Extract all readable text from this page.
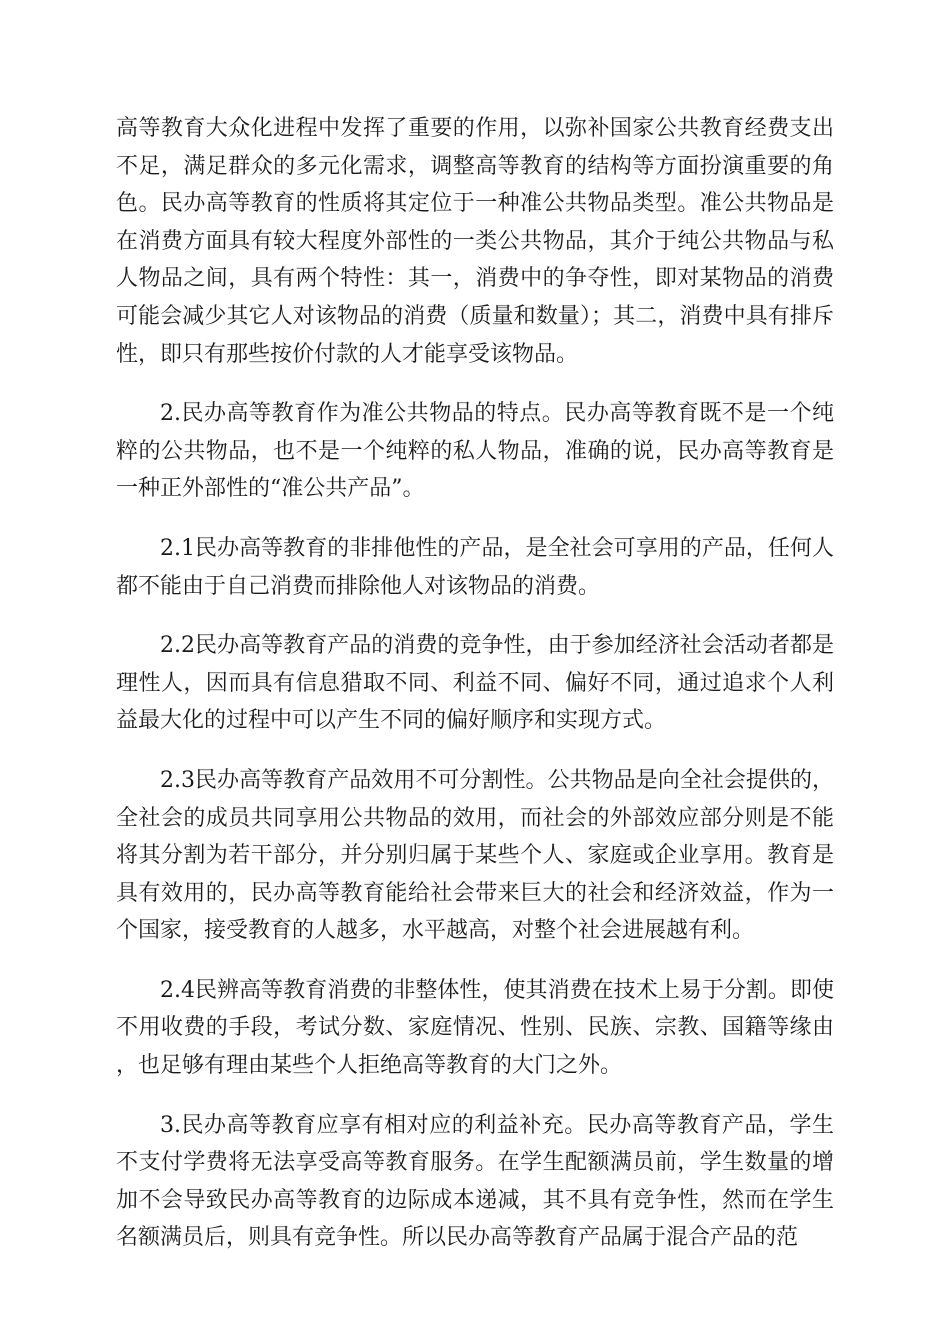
高等教育大众化进程中发挥了重要的作用，以弥补国家公共教育经费支出不足，满足群众的多元化需求，调整高等教育的结构等方面扮演重要的角色。民办高等教育的性质将其定位于一种准公共物品类型。准公共物品是在消费方面具有较大程度外部性的一类公共物品，其介于纯公共物品与私人物品之间，具有两个特性：其一，消费中的争夺性，即对某物品的消费可能会减少其它人对该物品的消费（质量和数量）；其二，消费中具有排斥性，即只有那些按价付款的人才能享受该物品。

2.民办高等教育作为准公共物品的特点。民办高等教育既不是一个纯粹的公共物品，也不是一个纯粹的私人物品，准确的说，民办高等教育是一种正外部性的“准公共产品”。

2.1民办高等教育的非排他性的产品，是全社会可享用的产品，任何人都不能由于自己消费而排除他人对该物品的消费。

2.2民办高等教育产品的消费的竞争性，由于参加经济社会活动者都是理性人，因而具有信息猎取不同、利益不同、偏好不同，通过追求个人利益最大化的过程中可以产生不同的偏好顺序和实现方式。

2.3民办高等教育产品效用不可分割性。公共物品是向全社会提供的，全社会的成员共同享用公共物品的效用，而社会的外部效应部分则是不能将其分割为若干部分，并分别归属于某些个人、家庭或企业享用。教育是具有效用的，民办高等教育能给社会带来巨大的社会和经济效益，作为一个国家，接受教育的人越多，水平越高，对整个社会进展越有利。

2.4民辨高等教育消费的非整体性，使其消费在技术上易于分割。即使不用收费的手段，考试分数、家庭情况、性别、民族、宗教、国籍等缘由，也足够有理由某些个人拒绝高等教育的大门之外。

3.民办高等教育应享有相对应的利益补充。民办高等教育产品，学生不支付学费将无法享受高等教育服务。在学生配额满员前，学生数量的增加不会导致民办高等教育的边际成本递减，其不具有竞争性，然而在学生名额满员后，则具有竞争性。所以民办高等教育产品属于混合产品的范
